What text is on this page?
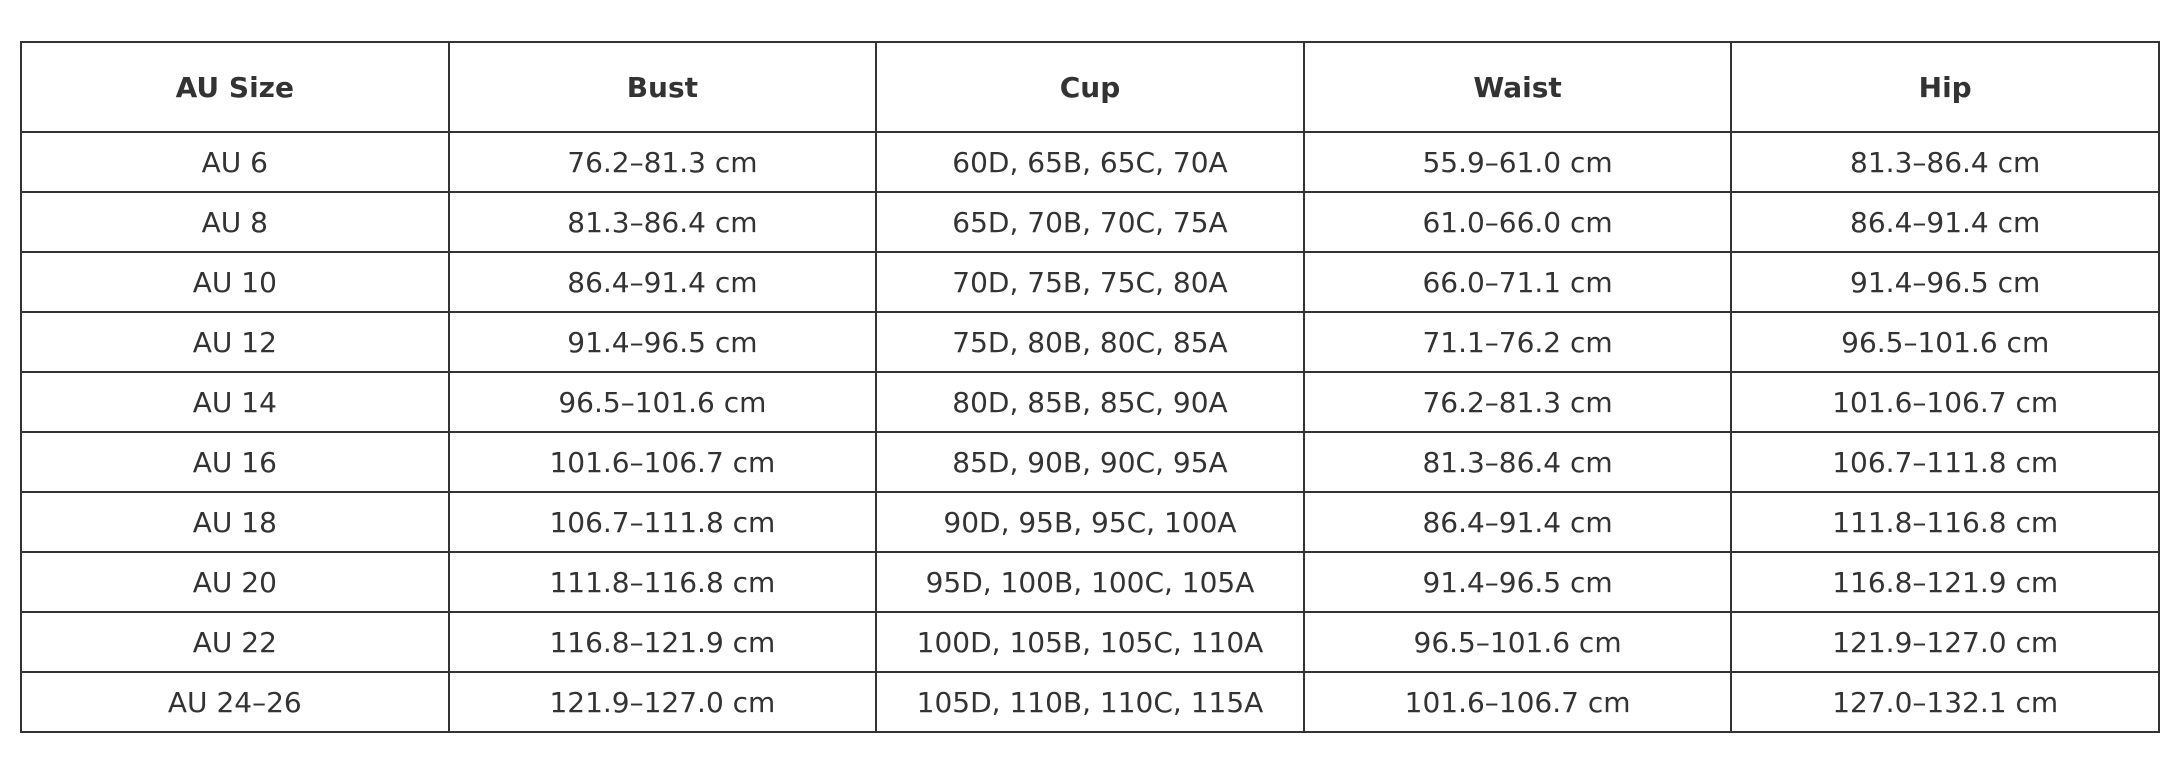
AU Size	Bust	Cup	Waist	Hip
AU 6	76.2–81.3 cm	60D, 65B, 65C, 70A	55.9–61.0 cm	81.3–86.4 cm
AU 8	81.3–86.4 cm	65D, 70B, 70C, 75A	61.0–66.0 cm	86.4–91.4 cm
AU 10	86.4–91.4 cm	70D, 75B, 75C, 80A	66.0–71.1 cm	91.4–96.5 cm
AU 12	91.4–96.5 cm	75D, 80B, 80C, 85A	71.1–76.2 cm	96.5–101.6 cm
AU 14	96.5–101.6 cm	80D, 85B, 85C, 90A	76.2–81.3 cm	101.6–106.7 cm
AU 16	101.6–106.7 cm	85D, 90B, 90C, 95A	81.3–86.4 cm	106.7–111.8 cm
AU 18	106.7–111.8 cm	90D, 95B, 95C, 100A	86.4–91.4 cm	111.8–116.8 cm
AU 20	111.8–116.8 cm	95D, 100B, 100C, 105A	91.4–96.5 cm	116.8–121.9 cm
AU 22	116.8–121.9 cm	100D, 105B, 105C, 110A	96.5–101.6 cm	121.9–127.0 cm
AU 24–26	121.9–127.0 cm	105D, 110B, 110C, 115A	101.6–106.7 cm	127.0–132.1 cm
